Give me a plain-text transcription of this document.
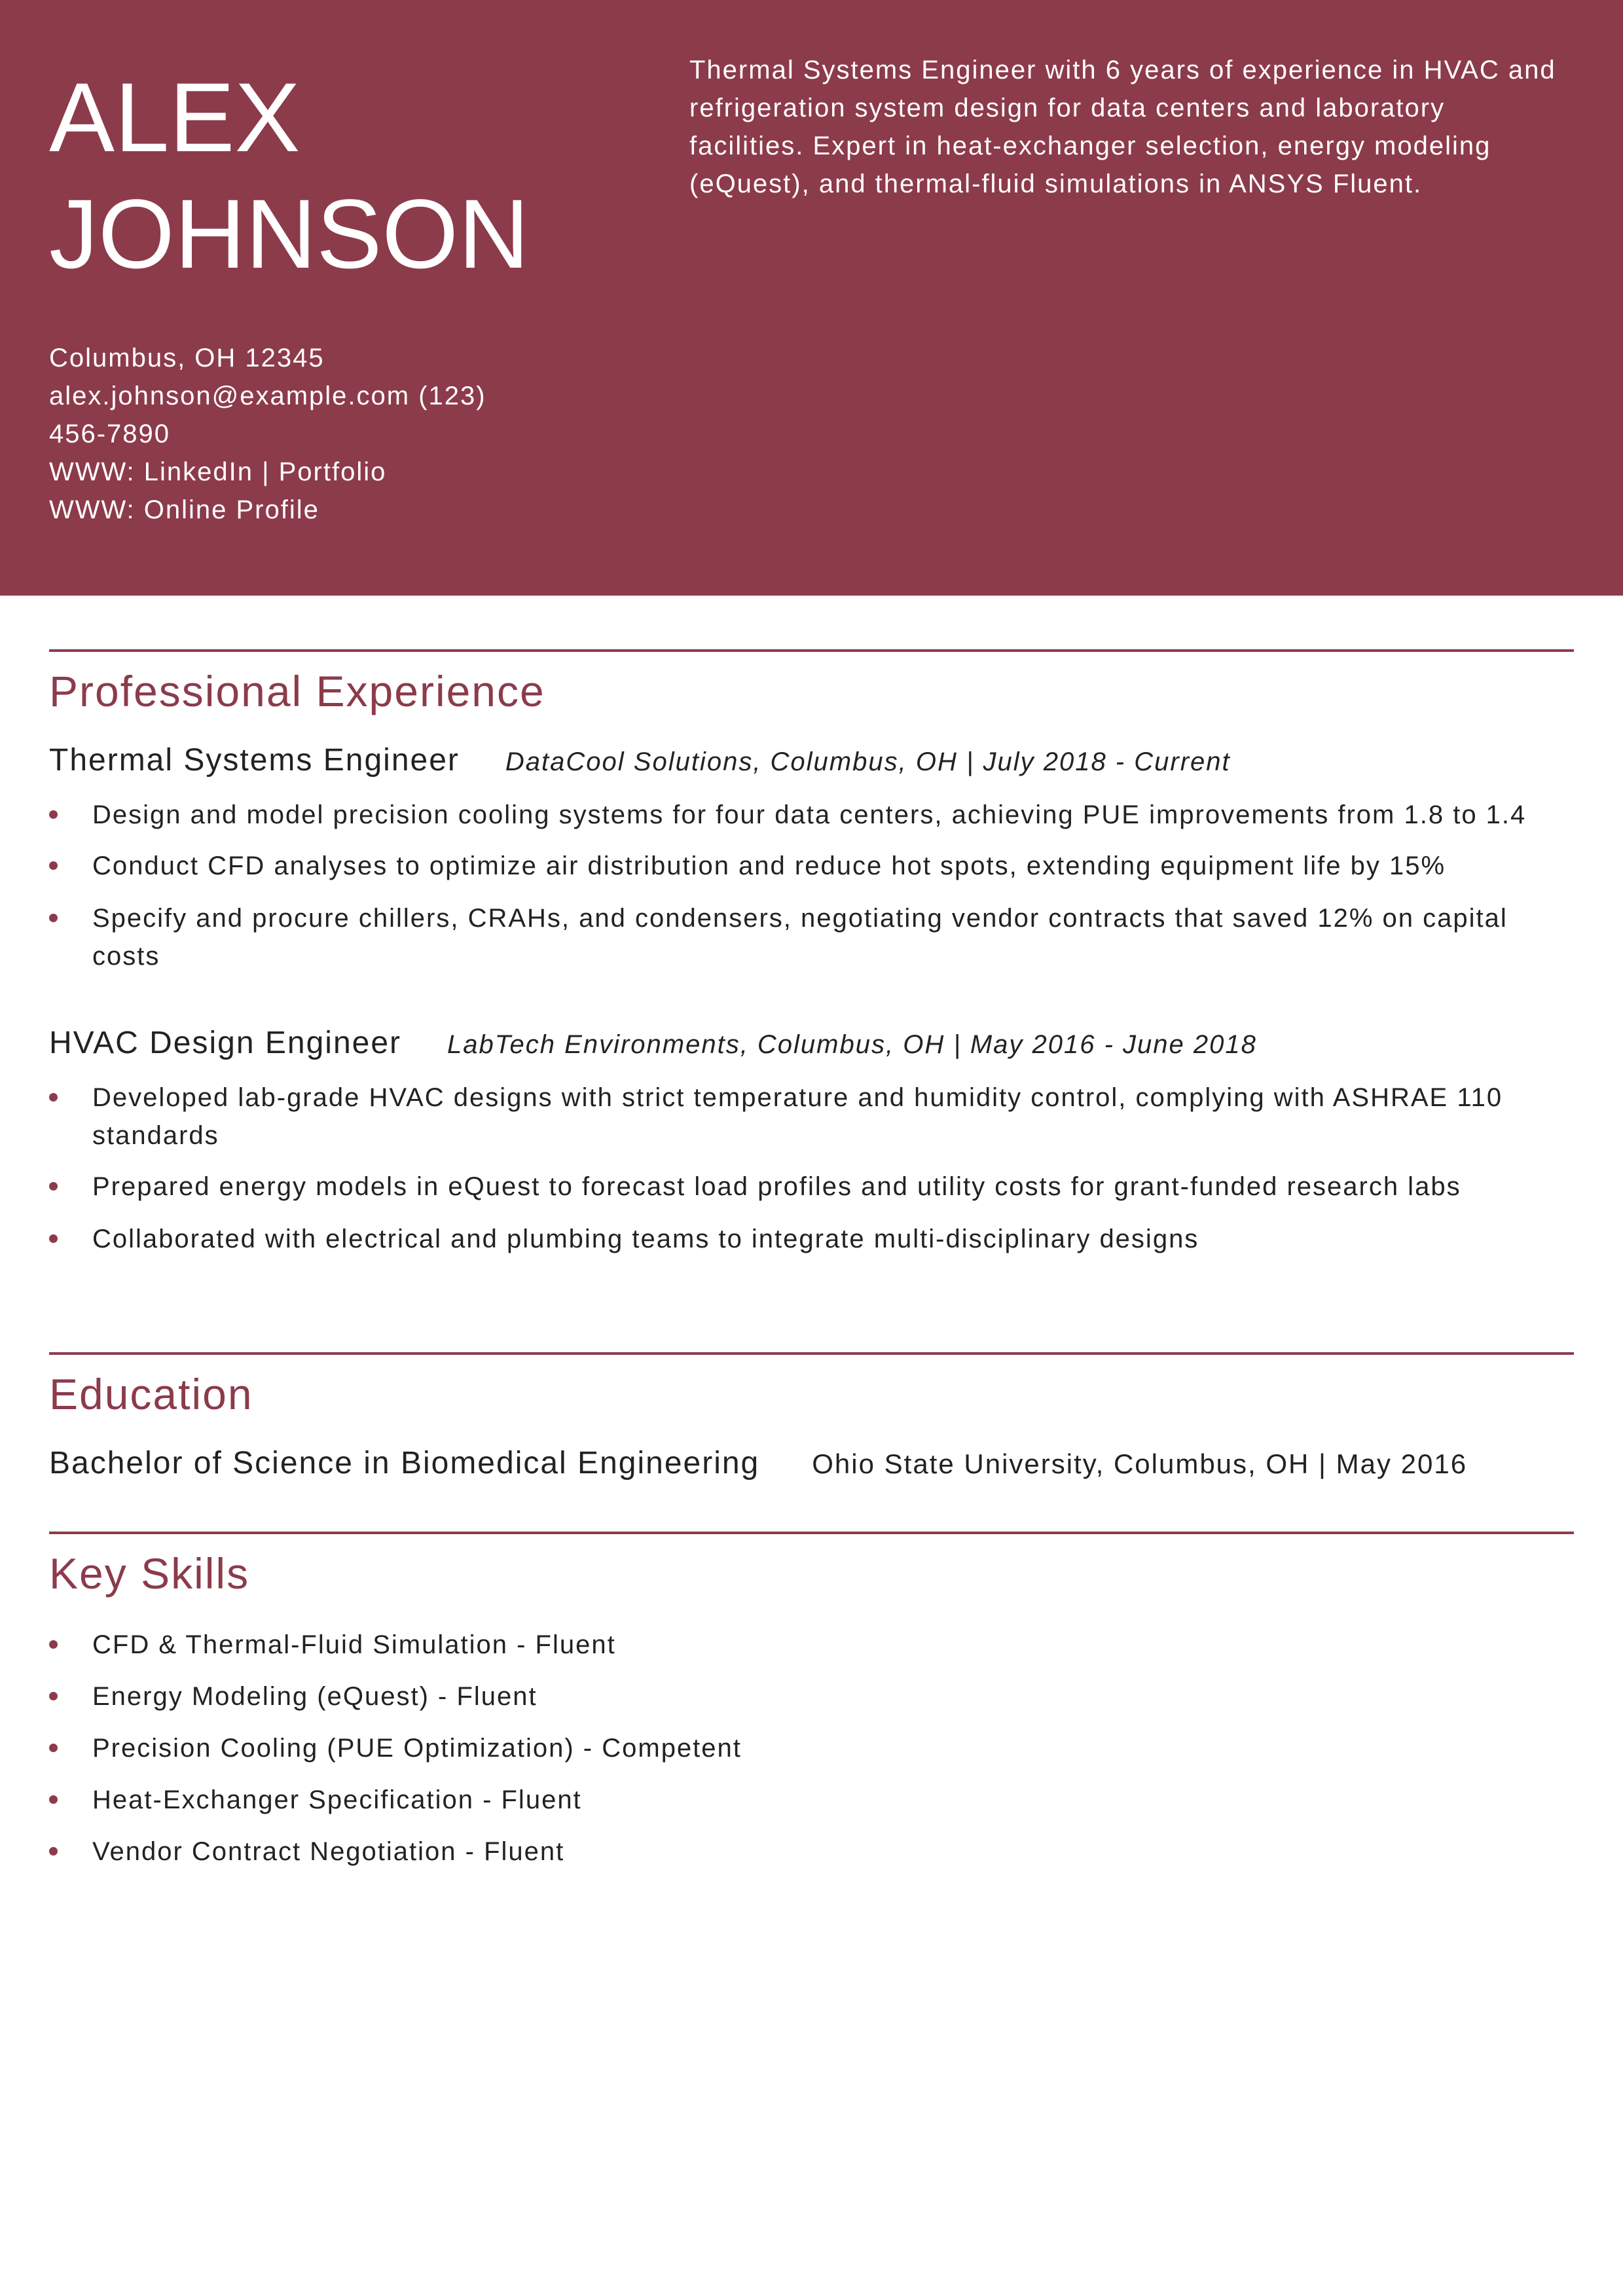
ALEX
JOHNSON
Columbus, OH 12345
alex.johnson@example.com (123)
456-7890
WWW: LinkedIn | Portfolio
WWW: Online Profile
Thermal Systems Engineer with 6 years of experience in HVAC and refrigeration system design for data centers and laboratory facilities. Expert in heat-exchanger selection, energy modeling (eQuest), and thermal-fluid simulations in ANSYS Fluent.
Professional Experience
Thermal Systems Engineer DataCool Solutions, Columbus, OH | July 2018 - Current
Design and model precision cooling systems for four data centers, achieving PUE improvements from 1.8 to 1.4
Conduct CFD analyses to optimize air distribution and reduce hot spots, extending equipment life by 15%
Specify and procure chillers, CRAHs, and condensers, negotiating vendor contracts that saved 12% on capital costs
HVAC Design Engineer LabTech Environments, Columbus, OH | May 2016 - June 2018
Developed lab-grade HVAC designs with strict temperature and humidity control, complying with ASHRAE 110 standards
Prepared energy models in eQuest to forecast load profiles and utility costs for grant-funded research labs
Collaborated with electrical and plumbing teams to integrate multi-disciplinary designs
Education
Bachelor of Science in Biomedical Engineering Ohio State University, Columbus, OH | May 2016
Key Skills
CFD & Thermal-Fluid Simulation - Fluent
Energy Modeling (eQuest) - Fluent
Precision Cooling (PUE Optimization) - Competent
Heat-Exchanger Specification - Fluent
Vendor Contract Negotiation - Fluent
